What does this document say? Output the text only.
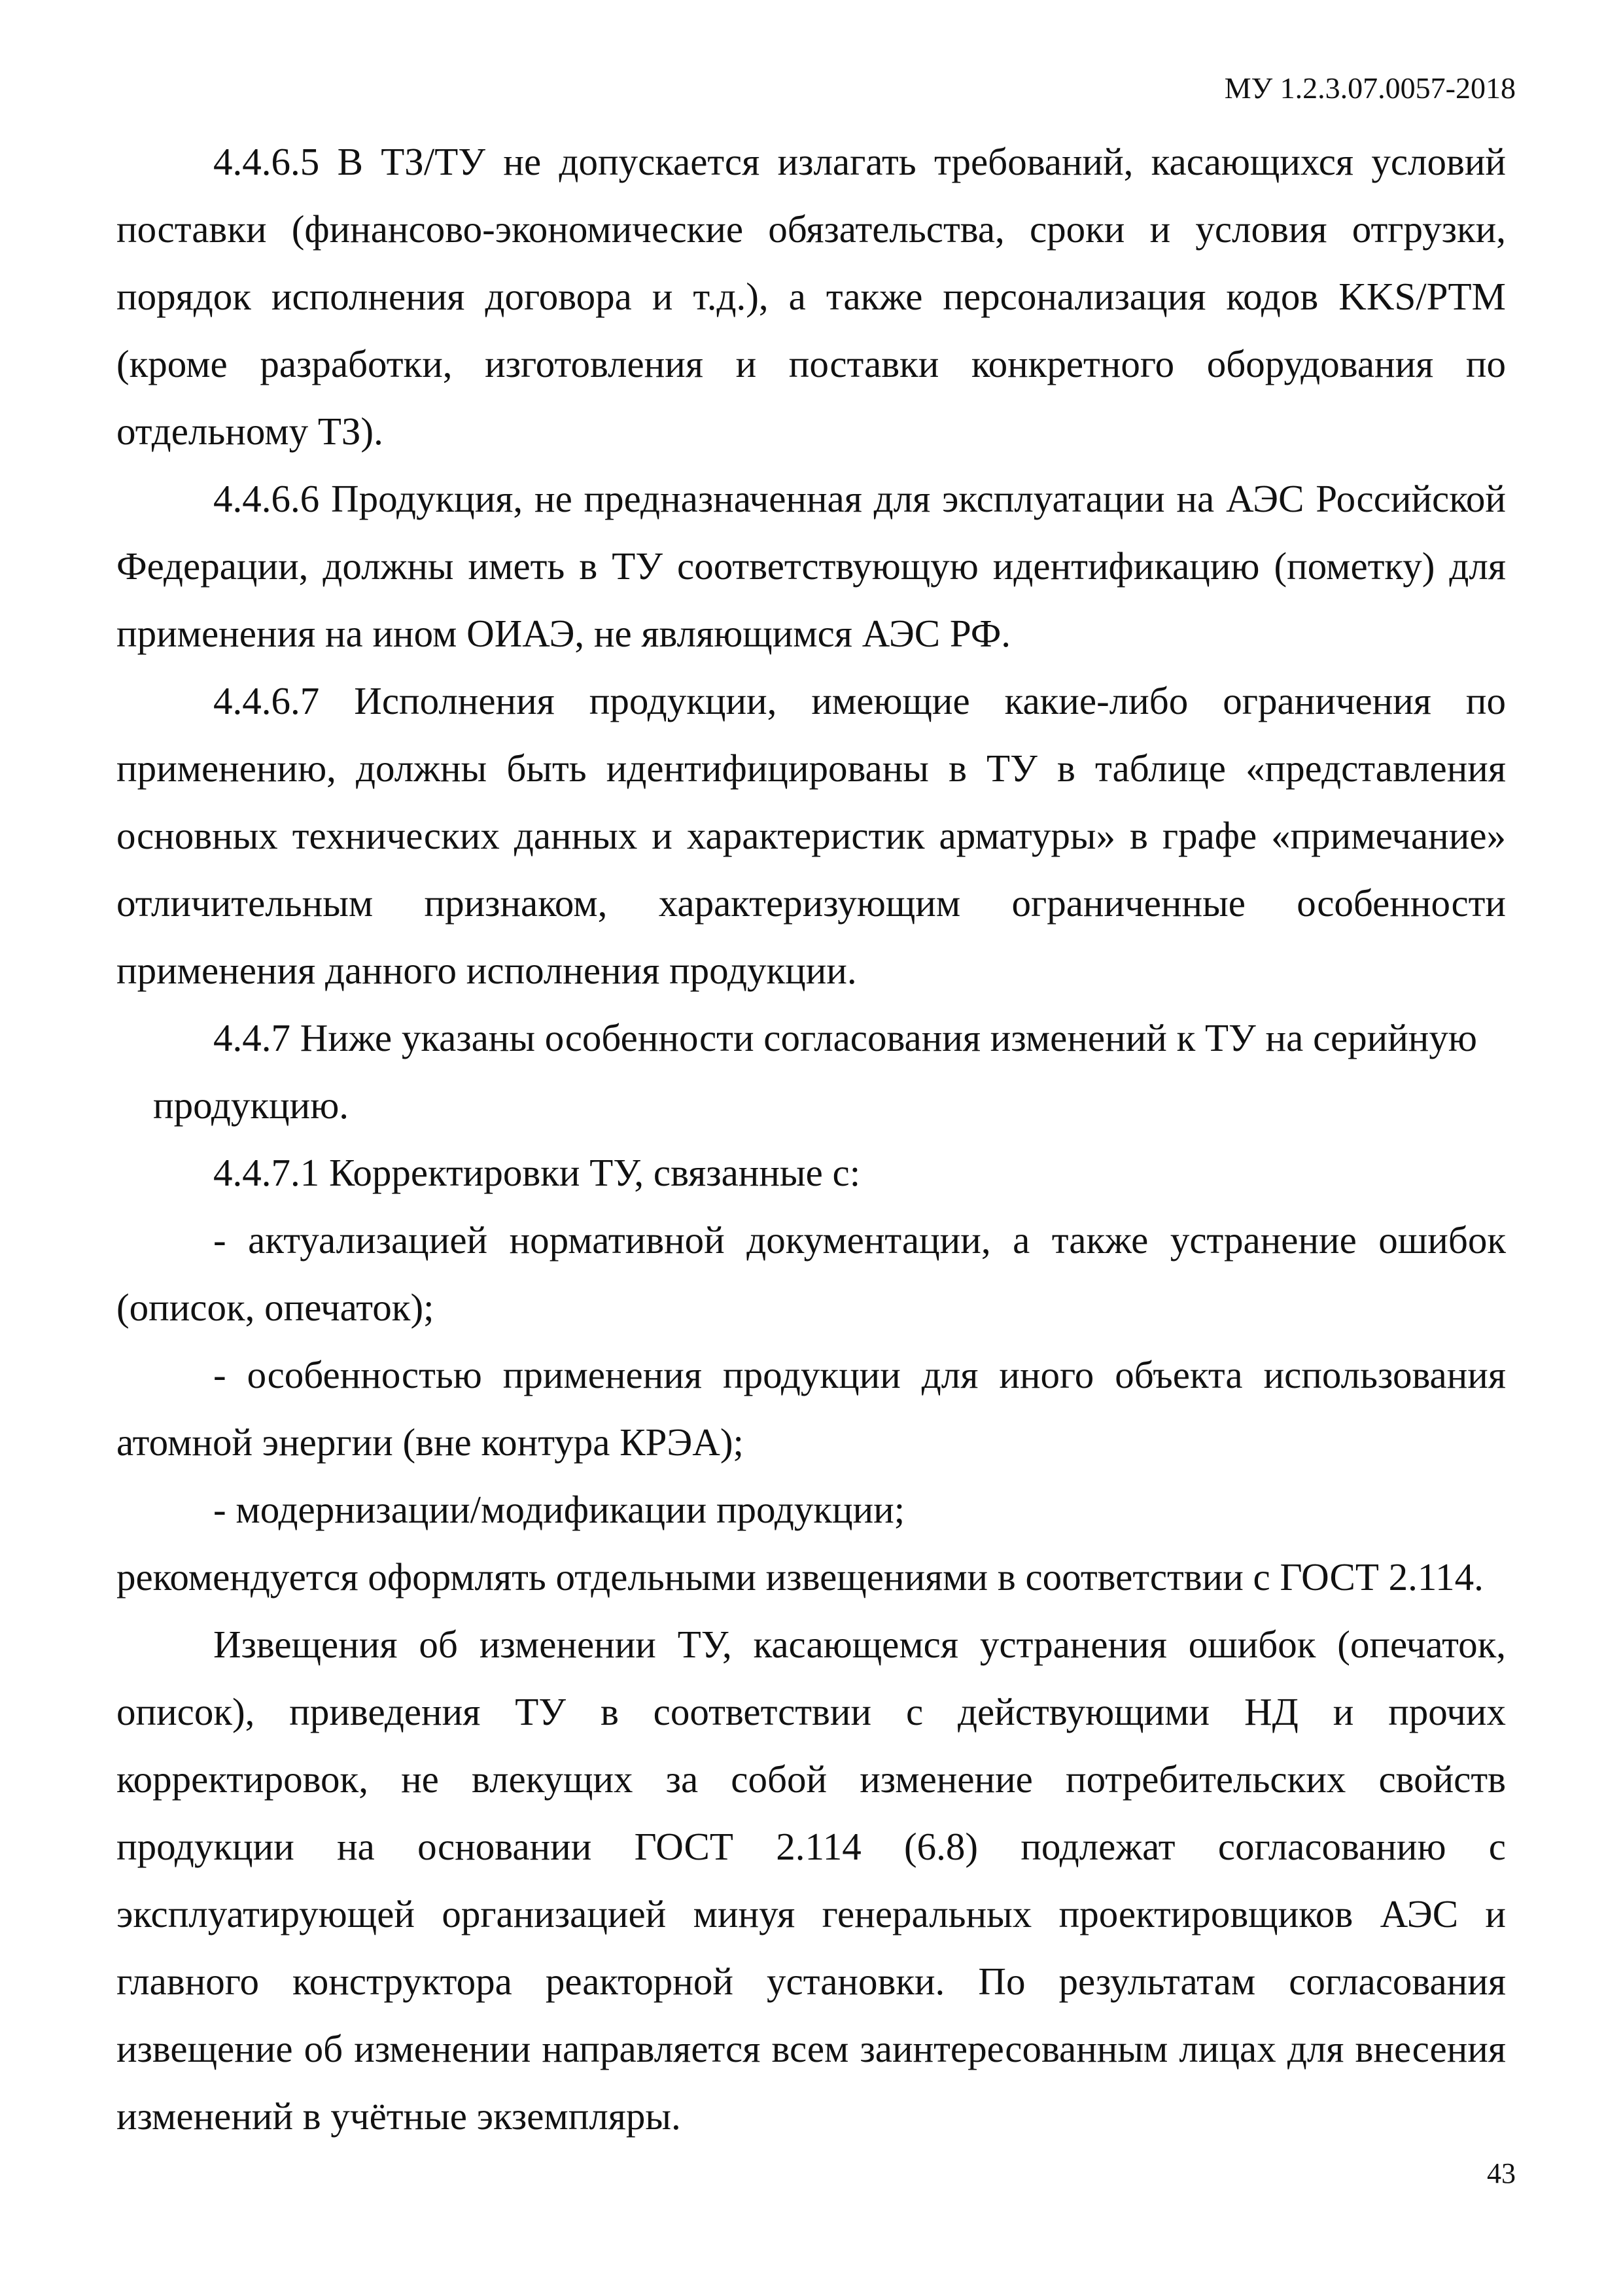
МУ 1.2.3.07.0057-2018

4.4.6.5 В ТЗ/ТУ не допускается излагать требований, касающихся условий поставки (финансово-экономические обязательства, сроки и условия отгрузки, порядок исполнения договора и т.д.), а также персонализация кодов KKS/PTM (кроме разработки, изготовления и поставки конкретного оборудования по отдельному ТЗ).

4.4.6.6 Продукция, не предназначенная для эксплуатации на АЭС Российской Федерации, должны иметь в ТУ соответствующую идентификацию (пометку) для применения на ином ОИАЭ, не являющимся АЭС РФ.

4.4.6.7 Исполнения продукции, имеющие какие-либо ограничения по применению, должны быть идентифицированы в ТУ в таблице «представления основных технических данных и характеристик арматуры» в графе «примечание» отличительным признаком, характеризующим ограниченные особенности применения данного исполнения продукции.

4.4.7 Ниже указаны особенности согласования изменений к ТУ на серийную

продукцию.

4.4.7.1 Корректировки ТУ, связанные с:

- актуализацией нормативной документации, а также устранение ошибок (описок, опечаток);

- особенностью применения продукции для иного объекта использования атомной энергии (вне контура КРЭА);

- модернизации/модификации продукции;

рекомендуется оформлять отдельными извещениями в соответствии с ГОСТ 2.114.

Извещения об изменении ТУ, касающемся устранения ошибок (опечаток, описок), приведения ТУ в соответствии с действующими НД и прочих корректировок, не влекущих за собой изменение потребительских свойств продукции на основании ГОСТ 2.114 (6.8) подлежат согласованию с эксплуатирующей организацией минуя генеральных проектировщиков АЭС и главного конструктора реакторной установки. По результатам согласования извещение об изменении направляется всем заинтересованным лицах для внесения изменений в учётные экземпляры.

43
